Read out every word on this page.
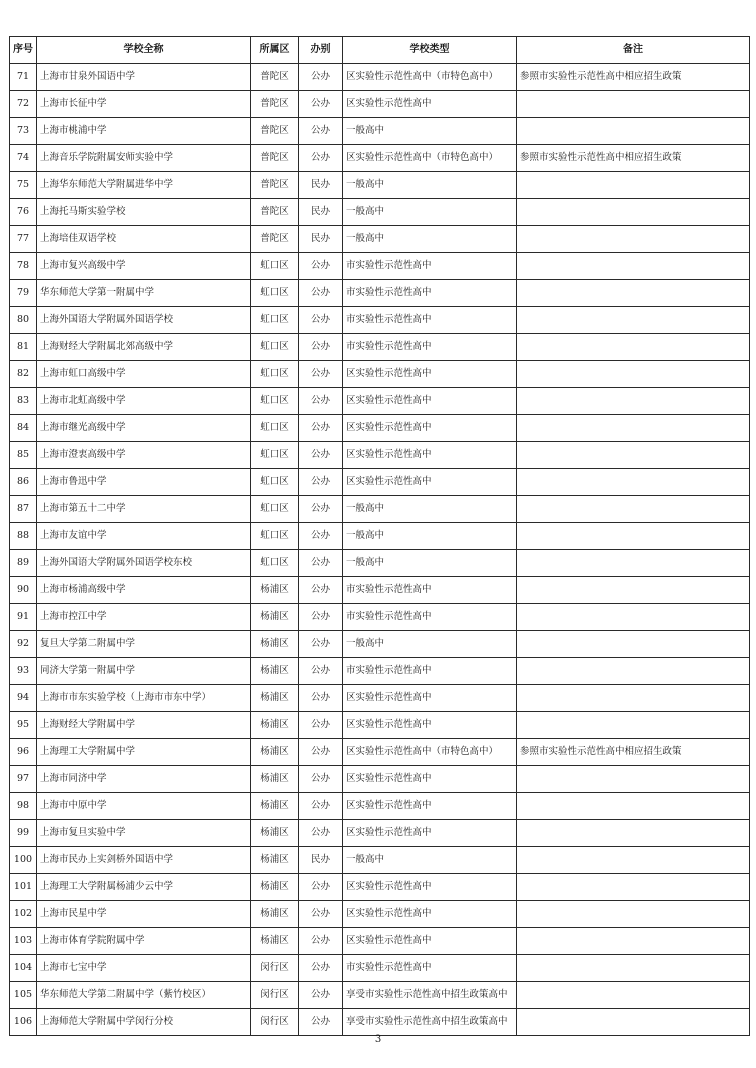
序号	学校全称	所属区	办别	学校类型	备注
71	上海市甘泉外国语中学	普陀区	公办	区实验性示范性高中（市特色高中）	参照市实验性示范性高中相应招生政策
72	上海市长征中学	普陀区	公办	区实验性示范性高中	
73	上海市桃浦中学	普陀区	公办	一般高中	
74	上海音乐学院附属安师实验中学	普陀区	公办	区实验性示范性高中（市特色高中）	参照市实验性示范性高中相应招生政策
75	上海华东师范大学附属进华中学	普陀区	民办	一般高中	
76	上海托马斯实验学校	普陀区	民办	一般高中	
77	上海培佳双语学校	普陀区	民办	一般高中	
78	上海市复兴高级中学	虹口区	公办	市实验性示范性高中	
79	华东师范大学第一附属中学	虹口区	公办	市实验性示范性高中	
80	上海外国语大学附属外国语学校	虹口区	公办	市实验性示范性高中	
81	上海财经大学附属北郊高级中学	虹口区	公办	市实验性示范性高中	
82	上海市虹口高级中学	虹口区	公办	区实验性示范性高中	
83	上海市北虹高级中学	虹口区	公办	区实验性示范性高中	
84	上海市继光高级中学	虹口区	公办	区实验性示范性高中	
85	上海市澄衷高级中学	虹口区	公办	区实验性示范性高中	
86	上海市鲁迅中学	虹口区	公办	区实验性示范性高中	
87	上海市第五十二中学	虹口区	公办	一般高中	
88	上海市友谊中学	虹口区	公办	一般高中	
89	上海外国语大学附属外国语学校东校	虹口区	公办	一般高中	
90	上海市杨浦高级中学	杨浦区	公办	市实验性示范性高中	
91	上海市控江中学	杨浦区	公办	市实验性示范性高中	
92	复旦大学第二附属中学	杨浦区	公办	一般高中	
93	同济大学第一附属中学	杨浦区	公办	市实验性示范性高中	
94	上海市市东实验学校（上海市市东中学）	杨浦区	公办	区实验性示范性高中	
95	上海财经大学附属中学	杨浦区	公办	区实验性示范性高中	
96	上海理工大学附属中学	杨浦区	公办	区实验性示范性高中（市特色高中）	参照市实验性示范性高中相应招生政策
97	上海市同济中学	杨浦区	公办	区实验性示范性高中	
98	上海市中原中学	杨浦区	公办	区实验性示范性高中	
99	上海市复旦实验中学	杨浦区	公办	区实验性示范性高中	
100	上海市民办上实剑桥外国语中学	杨浦区	民办	一般高中	
101	上海理工大学附属杨浦少云中学	杨浦区	公办	区实验性示范性高中	
102	上海市民星中学	杨浦区	公办	区实验性示范性高中	
103	上海市体育学院附属中学	杨浦区	公办	区实验性示范性高中	
104	上海市七宝中学	闵行区	公办	市实验性示范性高中	
105	华东师范大学第二附属中学（紫竹校区）	闵行区	公办	享受市实验性示范性高中招生政策高中	
106	上海师范大学附属中学闵行分校	闵行区	公办	享受市实验性示范性高中招生政策高中	
3
